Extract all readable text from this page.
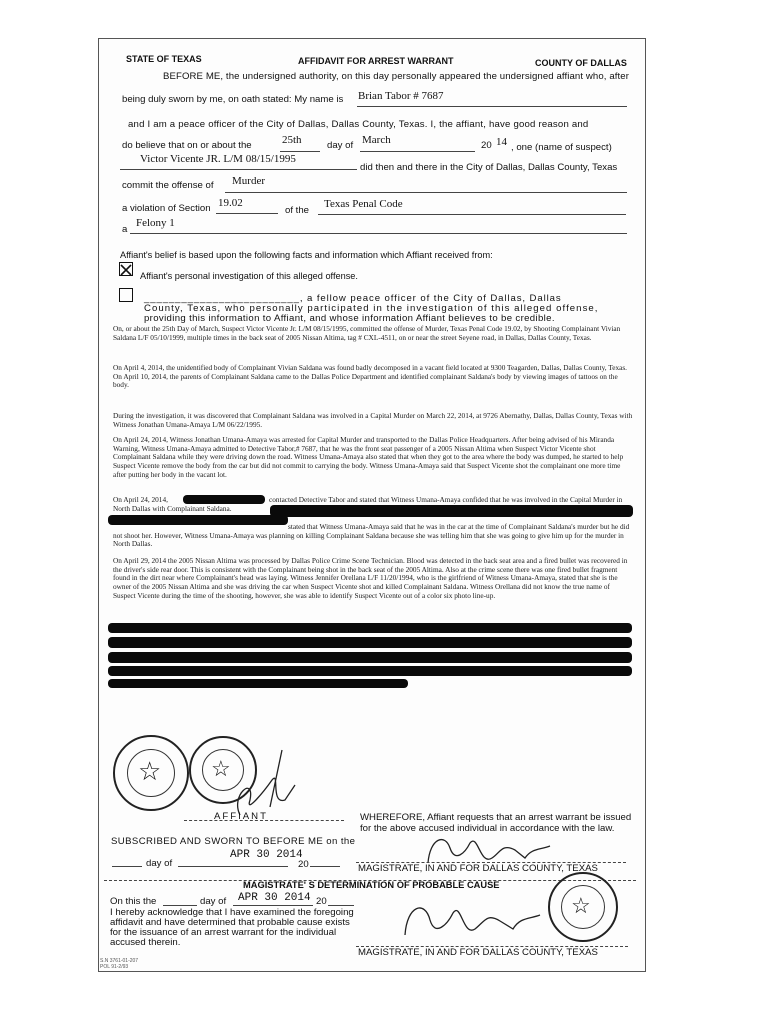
STATE OF TEXAS	AFFIDAVIT FOR ARREST WARRANT	COUNTY OF DALLAS
BEFORE ME, the undersigned authority, on this day personally appeared the undersigned affiant who, after
being duly sworn by me, on oath stated: My name is Brian Tabor # 7687
and I am a peace officer of the City of Dallas, Dallas County, Texas. I, the affiant, have good reason and
do believe that on or about the	25th	day of March	20 14 , one (name of suspect)
Victor Vicente JR. L/M 08/15/1995
did then and there in the City of Dallas, Dallas County, Texas
commit the offense of Murder
a violation of Section 19.02
of the
Texas Penal Code
a
Felony 1
Affiant's belief is based upon the following facts and information which Affiant received from:
Affiant's personal investigation of this alleged offense.
_________________________, a fellow peace officer of the City of Dallas, Dallas
County, Texas, who personally participated in the investigation of this alleged offense,
providing this information to Affiant, and whose information Affiant believes to be credible.
On, or about the 25th Day of March, Suspect Victor Vicente Jr. L/M 08/15/1995, committed the offense of Murder, Texas Penal Code 19.02, by Shooting Complainant Vivian Saldana L/F 05/10/1999, multiple times in the back seat of 2005 Nissan Altima, tag # CXL-4511, on or near the street Seyene road, in Dallas, Dallas County, Texas.
On April 4, 2014, the unidentified body of Complainant Vivian Saldana was found badly decomposed in a vacant field located at 9300 Teagarden, Dallas, Dallas County, Texas. On April 10, 2014, the parents of Complainant Saldana came to the Dallas Police Department and identified complainant Saldana's body by viewing images of tattoos on the body.
During the investigation, it was discovered that Complainant Saldana was involved in a Capital Murder on March 22, 2014, at 9726 Abernathy, Dallas, Dallas County, Texas with Witness Jonathan Umana-Amaya L/M 06/22/1995.
On April 24, 2014, Witness Jonathan Umana-Amaya was arrested for Capital Murder and transported to the Dallas Police Headquarters. After being advised of his Miranda Warning, Witness Umana-Amaya admitted to Detective Tabor,# 7687, that he was the front seat passenger of a 2005 Nissan Altima when Suspect Victor Vicente shot Complainant Saldana while they were driving down the road. Witness Umana-Amaya also stated that when they got to the area where the body was dumped, he started to help Suspect Vicente remove the body from the car but did not commit to carrying the body. Witness Umana-Amaya said that Suspect Vicente shot the complainant one more time after putting her body in the vacant lot.
On April 24, 2014,	contacted Detective Tabor and stated that Witness Umana-Amaya confided that he was involved in the Capital Murder in North Dallas with Complainant Saldana.
stated that Witness Umana-Amaya said that he was in the car at the time of Complainant Saldana's murder but he did not shoot her. However, Witness Umana-Amaya was planning on killing Complainant Saldana because she was telling him that she was going to give him up for the murder in North Dallas.
On April 29, 2014 the 2005 Nissan Altima was processed by Dallas Police Crime Scene Technician. Blood was detected in the back seat area and a fired bullet was recovered in the driver's side rear door. This is consistent with the Complainant being shot in the back seat of the 2005 Altima. Also at the crime scene there was one fired bullet fragment found in the dirt near where Complainant's head was laying. Witness Jennifer Orellana L/F 11/20/1994, who is the girlfriend of Witness Umana-Amaya, stated that she is the owner of the 2005 Nissan Altima and she was driving the car when Suspect Vicente shot and killed Complainant Saldana. Witness Orellana did not know the true name of Suspect Vicente during the time of the shooting, however, she was able to identify Suspect Vicente out of a color six photo line-up.
☆ ☆
AFFIANT	WHEREFORE, Affiant requests that an arrest warrant be issued
for the above accused individual in accordance with the law.
SUBSCRIBED AND SWORN TO BEFORE ME on the
day of
APR 30 2014
20	MAGISTRATE, IN AND FOR DALLAS COUNTY, TEXAS
MAGISTRATE' S DETERMINATION OF PROBABLE CAUSE
On this the	day of APR 30 2014 20
I hereby acknowledge that I have examined the foregoing
affidavit and have determined that probable cause exists
for the issuance of an arrest warrant for the individual
accused therein.
☆
MAGISTRATE, IN AND FOR DALLAS COUNTY, TEXAS
S.N 3761-01-207
POL 91-2/93
